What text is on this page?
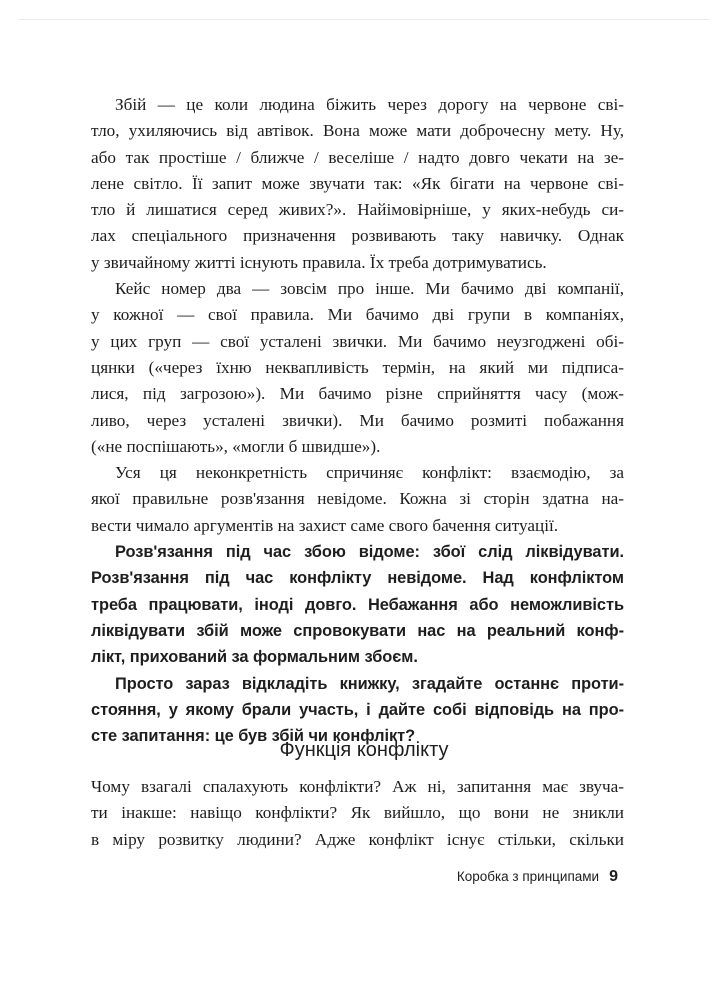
Збій — це коли людина біжить через дорогу на червоне сві-
тло, ухиляючись від автівок. Вона може мати доброчесну мету. Ну,
або так простіше / ближче / веселіше / надто довго чекати на зе-
лене світло. Її запит може звучати так: «Як бігати на червоне сві-
тло й лишатися серед живих?». Найімовірніше, у яких-небудь си-
лах спеціального призначення розвивають таку навичку. Однак
у звичайному житті існують правила. Їх треба дотримуватись.
Кейс номер два — зовсім про інше. Ми бачимо дві компанії,
у кожної — свої правила. Ми бачимо дві групи в компаніях,
у цих груп — свої усталені звички. Ми бачимо неузгоджені обі-
цянки («через їхню неквапливість термін, на який ми підписа-
лися, під загрозою»). Ми бачимо різне сприйняття часу (мож-
ливо, через усталені звички). Ми бачимо розмиті побажання
(«не поспішають», «могли б швидше»).
Уся ця неконкретність спричиняє конфлікт: взаємодію, за
якої правильне розв'язання невідоме. Кожна зі сторін здатна на-
вести чимало аргументів на захист саме свого бачення ситуації.
Розв'язання під час збою відоме: збої слід ліквідувати.
Розв'язання під час конфлікту невідоме. Над конфліктом
треба працювати, іноді довго. Небажання або неможливість
ліквідувати збій може спровокувати нас на реальний конф-
лікт, прихований за формальним збоєм.
Просто зараз відкладіть книжку, згадайте останнє проти-
стояння, у якому брали участь, і дайте собі відповідь на про-
сте запитання: це був збій чи конфлікт?
Функція конфлікту
Чому взагалі спалахують конфлікти? Аж ні, запитання має звуча-
ти інакше: навіщо конфлікти? Як вийшло, що вони не зникли
в міру розвитку людини? Адже конфлікт існує стільки, скільки
Коробка з принципами 9
